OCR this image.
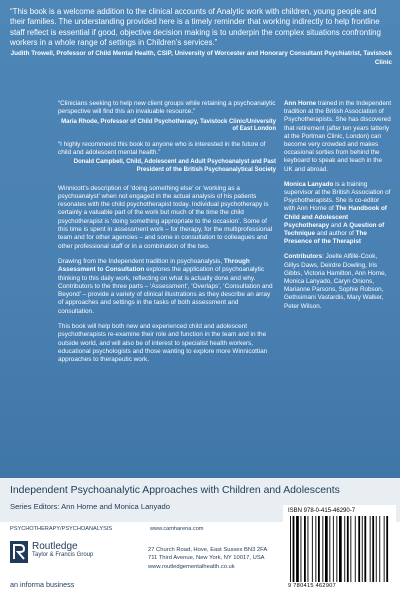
“This book is a welcome addition to the clinical accounts of Analytic work with children, young people and their families. The understanding provided here is a timely reminder that working indirectly to help frontline staff reflect is essential if good, objective decision making is to underpin the complex situations confronting workers in a whole range of settings in Children’s services.”
Judith Trowell, Professor of Child Mental Health, CSIP, University of Worcester and Honorary Consultant Psychiatrist, Tavistock Clinic

“Clinicians seeking to help new client groups while retaining a psychoanalytic perspective will find this an invaluable resource.”
Maria Rhode, Professor of Child Psychotherapy, Tavistock Clinic/University of East London

“I highly recommend this book to anyone who is interested in the future of child and adolescent mental health.”
Donald Campbell, Child, Adolescent and Adult Psychoanalyst and Past President of the British Psychoanalytical Society

Winnicott’s description of ‘doing something else’ or ‘working as a psychoanalyst’ when not engaged in the actual analysis of his patients resonates with the child psychotherapist today. Individual psychotherapy is certainly a valuable part of the work but much of the time the child psychotherapist is ‘doing something appropriate to the occasion’. Some of this time is spent in assessment work – for therapy, for the multiprofessional team and for other agencies – and some in consultation to colleagues and other professional staff or in a combination of the two.

Drawing from the Independent tradition in psychoanalysis, Through Assessment to Consultation explores the application of psychoanalytic thinking to this daily work, reflecting on what is actually done and why. Contributors to the three parts – ‘Assessment’, ‘Overlaps’, ‘Consultation and Beyond’ – provide a variety of clinical illustrations as they describe an array of approaches and settings in the tasks of both assessment and consultation.

This book will help both new and experienced child and adolescent psychotherapists re-examine their role and function in the team and in the outside world, and will also be of interest to specialist health workers, educational psychologists and those wanting to explore more Winnicottian approaches to therapeutic work.

Ann Horne trained in the Independent tradition at the British Association of Psychotherapists. She has discovered that retirement (after ten years latterly at the Portman Clinic, London) can become very crowded and makes occasional sorties from behind the keyboard to speak and teach in the UK and abroad.

Monica Lanyado is a training supervisor at the British Association of Psychotherapists. She is co-editor with Ann Horne of The Handbook of Child and Adolescent Psychotherapy and A Question of Technique and author of The Presence of the Therapist

Contributors: Joelle Alfillé-Cook, Gillys Daws, Deirdre Dowling, Iris Gibbs, Victoria Hamilton, Ann Horne, Monica Lanyado, Caryn Onions, Marianne Parsons, Sophie Robson, Gethsimani Vastardis, Mary Walker, Peter Wilson.

Independent Psychoanalytic Approaches with Children and Adolescents
Series Editors: Ann Horne and Monica Lanyado
PSYCHOTHERAPY/PSYCHOANALYSIS	www.camharena.com
Routledge
Taylor & Francis Group
an informa business
27 Church Road, Hove, East Sussex BN3 2FA
711 Third Avenue, New York, NY 10017, USA
www.routledgementalhealth.co.uk
ISBN 978-0-415-46290-7
9 780415 462907
